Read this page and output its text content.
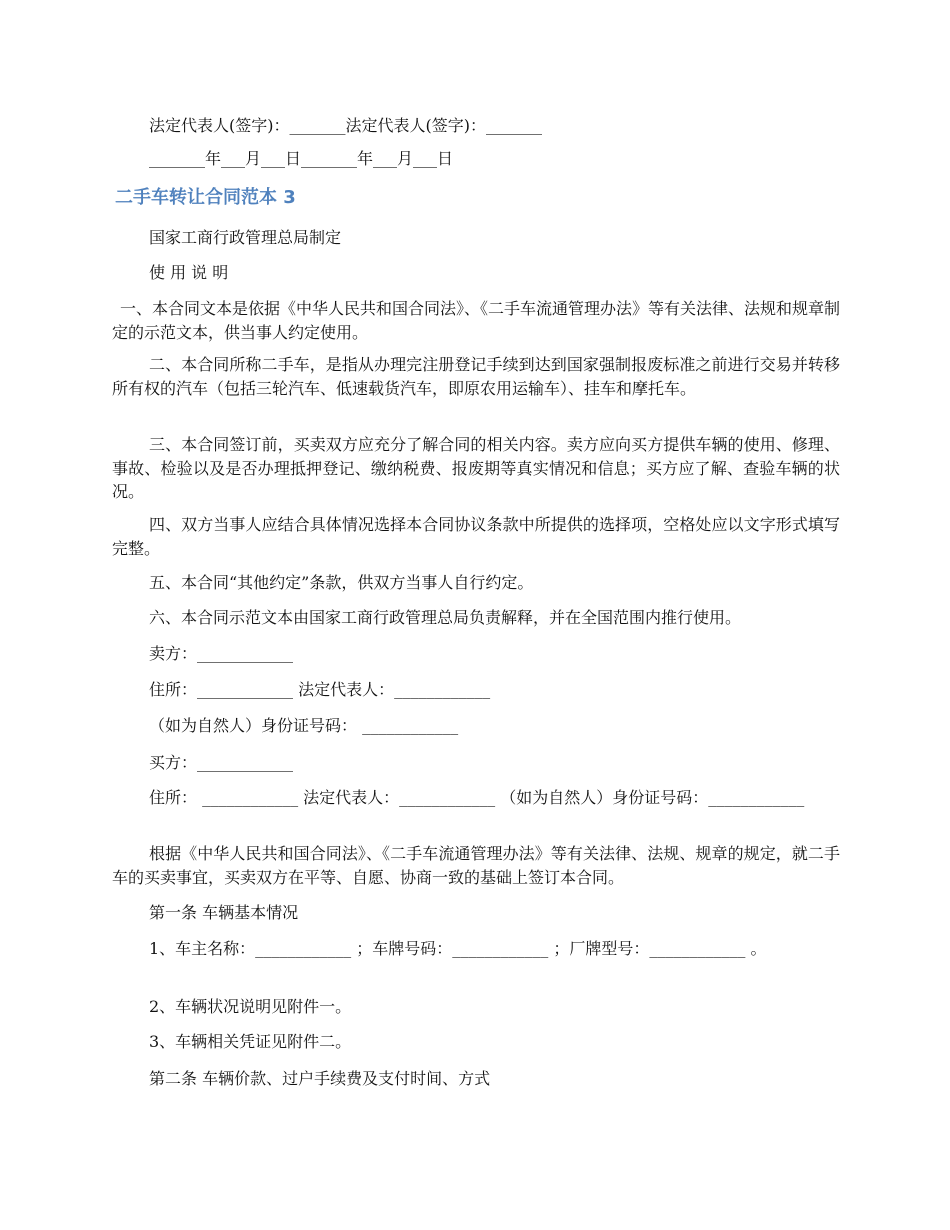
法定代表人(签字)：_______法定代表人(签字)：_______
_______年___月___日_______年___月___日
二手车转让合同范本 3
国家工商行政管理总局制定
使 用 说 明
一、本合同文本是依据《中华人民共和国合同法》、《二手车流通管理办法》等有关法律、法规和规章制定的示范文本，供当事人约定使用。
二、本合同所称二手车，是指从办理完注册登记手续到达到国家强制报废标准之前进行交易并转移所有权的汽车（包括三轮汽车、低速载货汽车，即原农用运输车）、挂车和摩托车。
三、本合同签订前，买卖双方应充分了解合同的相关内容。卖方应向买方提供车辆的使用、修理、事故、检验以及是否办理抵押登记、缴纳税费、报废期等真实情况和信息；买方应了解、查验车辆的状况。
四、双方当事人应结合具体情况选择本合同协议条款中所提供的选择项，空格处应以文字形式填写完整。
五、本合同“其他约定”条款，供双方当事人自行约定。
六、本合同示范文本由国家工商行政管理总局负责解释，并在全国范围内推行使用。
卖方：____________
住所：____________ 法定代表人：____________
（如为自然人）身份证号码： ____________
买方：____________
住所： ____________ 法定代表人：____________ （如为自然人）身份证号码：____________
根据《中华人民共和国合同法》、《二手车流通管理办法》等有关法律、法规、规章的规定，就二手车的买卖事宜，买卖双方在平等、自愿、协商一致的基础上签订本合同。
第一条 车辆基本情况
1、车主名称：____________ ；车牌号码：____________ ；厂牌型号：____________ 。
2、车辆状况说明见附件一。
3、车辆相关凭证见附件二。
第二条 车辆价款、过户手续费及支付时间、方式
